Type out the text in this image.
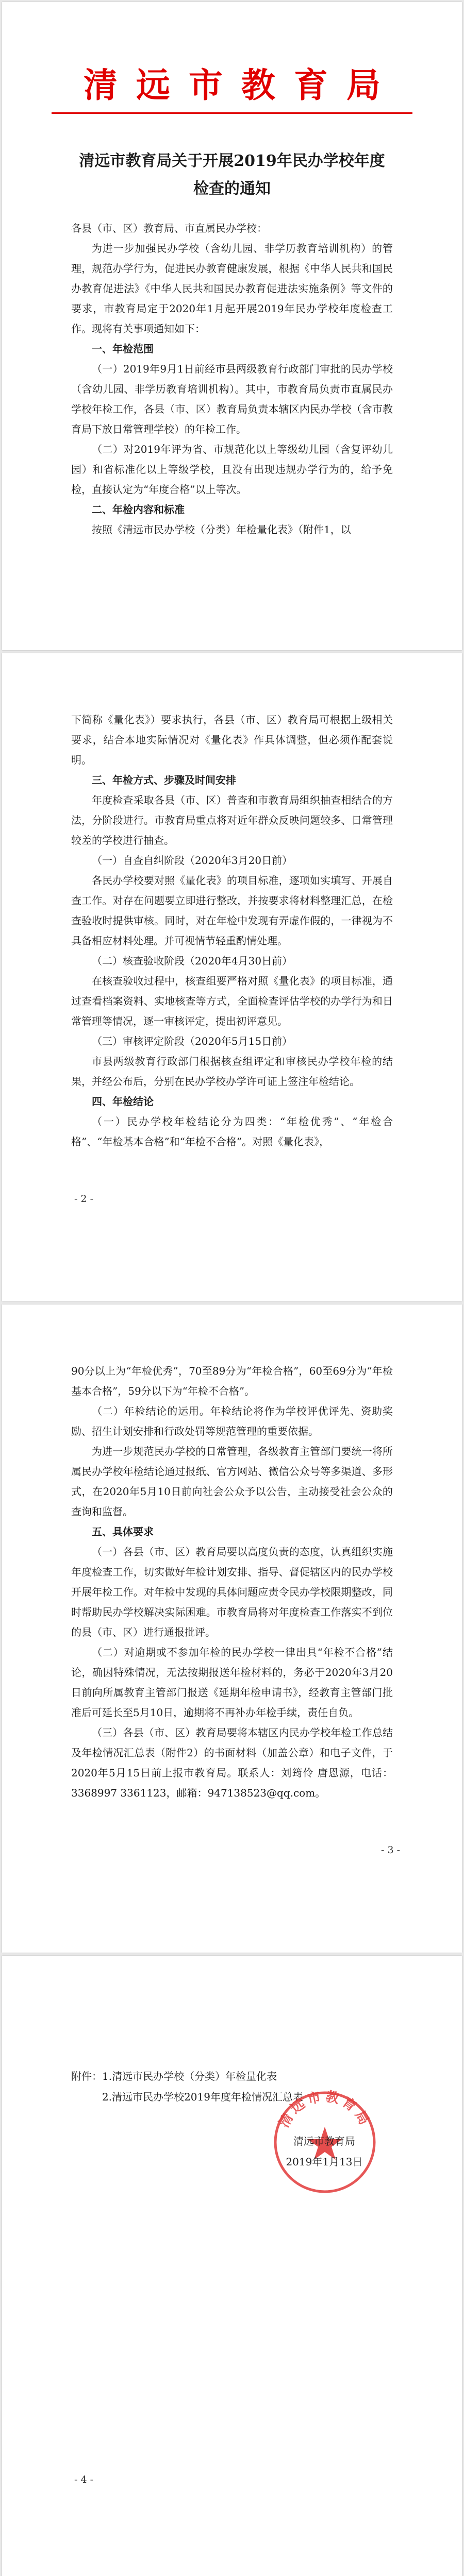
清远市教育局
清远市教育局关于开展2019年民办学校年度
检查的通知

各县（市、区）教育局、市直属民办学校：

为进一步加强民办学校（含幼儿园、非学历教育培训机构）的管理，规范办学行为，促进民办教育健康发展，根据《中华人民共和国民办教育促进法》《中华人民共和国民办教育促进法实施条例》等文件的要求，市教育局定于2020年1月起开展2019年民办学校年度检查工作。现将有关事项通知如下：

一、年检范围

（一）2019年9月1日前经市县两级教育行政部门审批的民办学校（含幼儿园、非学历教育培训机构）。其中，市教育局负责市直属民办学校年检工作，各县（市、区）教育局负责本辖区内民办学校（含市教育局下放日常管理学校）的年检工作。

（二）对2019年评为省、市规范化以上等级幼儿园（含复评幼儿园）和省标准化以上等级学校，且没有出现违规办学行为的，给予免检，直接认定为“年度合格”以上等次。

二、年检内容和标准

按照《清远市民办学校（分类）年检量化表》（附件1，以

下简称《量化表》）要求执行，各县（市、区）教育局可根据上级相关要求，结合本地实际情况对《量化表》作具体调整，但必须作配套说明。

三、年检方式、步骤及时间安排

年度检查采取各县（市、区）普查和市教育局组织抽查相结合的方法，分阶段进行。市教育局重点将对近年群众反映问题较多、日常管理较差的学校进行抽查。

（一）自查自纠阶段（2020年3月20日前）

各民办学校要对照《量化表》的项目标准，逐项如实填写、开展自查工作。对存在问题要立即进行整改，并按要求将材料整理汇总，在检查验收时提供审核。同时，对在年检中发现有弄虚作假的，一律视为不具备相应材料处理。并可视情节轻重酌情处理。

（二）核查验收阶段（2020年4月30日前）

在核查验收过程中，核查组要严格对照《量化表》的项目标准，通过查看档案资料、实地核查等方式，全面检查评估学校的办学行为和日常管理等情况，逐一审核评定，提出初评意见。

（三）审核评定阶段（2020年5月15日前）

市县两级教育行政部门根据核查组评定和审核民办学校年检的结果，并经公布后，分别在民办学校办学许可证上签注年检结论。

四、年检结论

（一）民办学校年检结论分为四类：“年检优秀”、“年检合格”、“年检基本合格”和“年检不合格”。对照《量化表》，

- 2 -

90分以上为“年检优秀”，70至89分为“年检合格”，60至69分为“年检基本合格”，59分以下为“年检不合格”。

（二）年检结论的运用。年检结论将作为学校评优评先、资助奖励、招生计划安排和行政处罚等规范管理的重要依据。

为进一步规范民办学校的日常管理，各级教育主管部门要统一将所属民办学校年检结论通过报纸、官方网站、微信公众号等多渠道、多形式，在2020年5月10日前向社会公众予以公告，主动接受社会公众的查询和监督。

五、具体要求

（一）各县（市、区）教育局要以高度负责的态度，认真组织实施年度检查工作，切实做好年检计划安排、指导、督促辖区内的民办学校开展年检工作。对年检中发现的具体问题应责令民办学校限期整改，同时帮助民办学校解决实际困难。市教育局将对年度检查工作落实不到位的县（市、区）进行通报批评。

（二）对逾期或不参加年检的民办学校一律出具“年检不合格”结论，确因特殊情况，无法按期报送年检材料的，务必于2020年3月20日前向所属教育主管部门报送《延期年检申请书》，经教育主管部门批准后可延长至5月10日，逾期将不再补办年检手续，责任自负。

（三）各县（市、区）教育局要将本辖区内民办学校年检工作总结及年检情况汇总表（附件2）的书面材料（加盖公章）和电子文件，于2020年5月15日前上报市教育局。联系人：刘筠伶 唐恩源，电话：3368997 3361123，邮箱：947138523@qq.com。

- 3 -
附件：1.清远市民办学校（分类）年检量化表
2.清远市民办学校2019年度年检情况汇总表
清远市教育局
清远市教育局
2019年1月13日
- 4 -
